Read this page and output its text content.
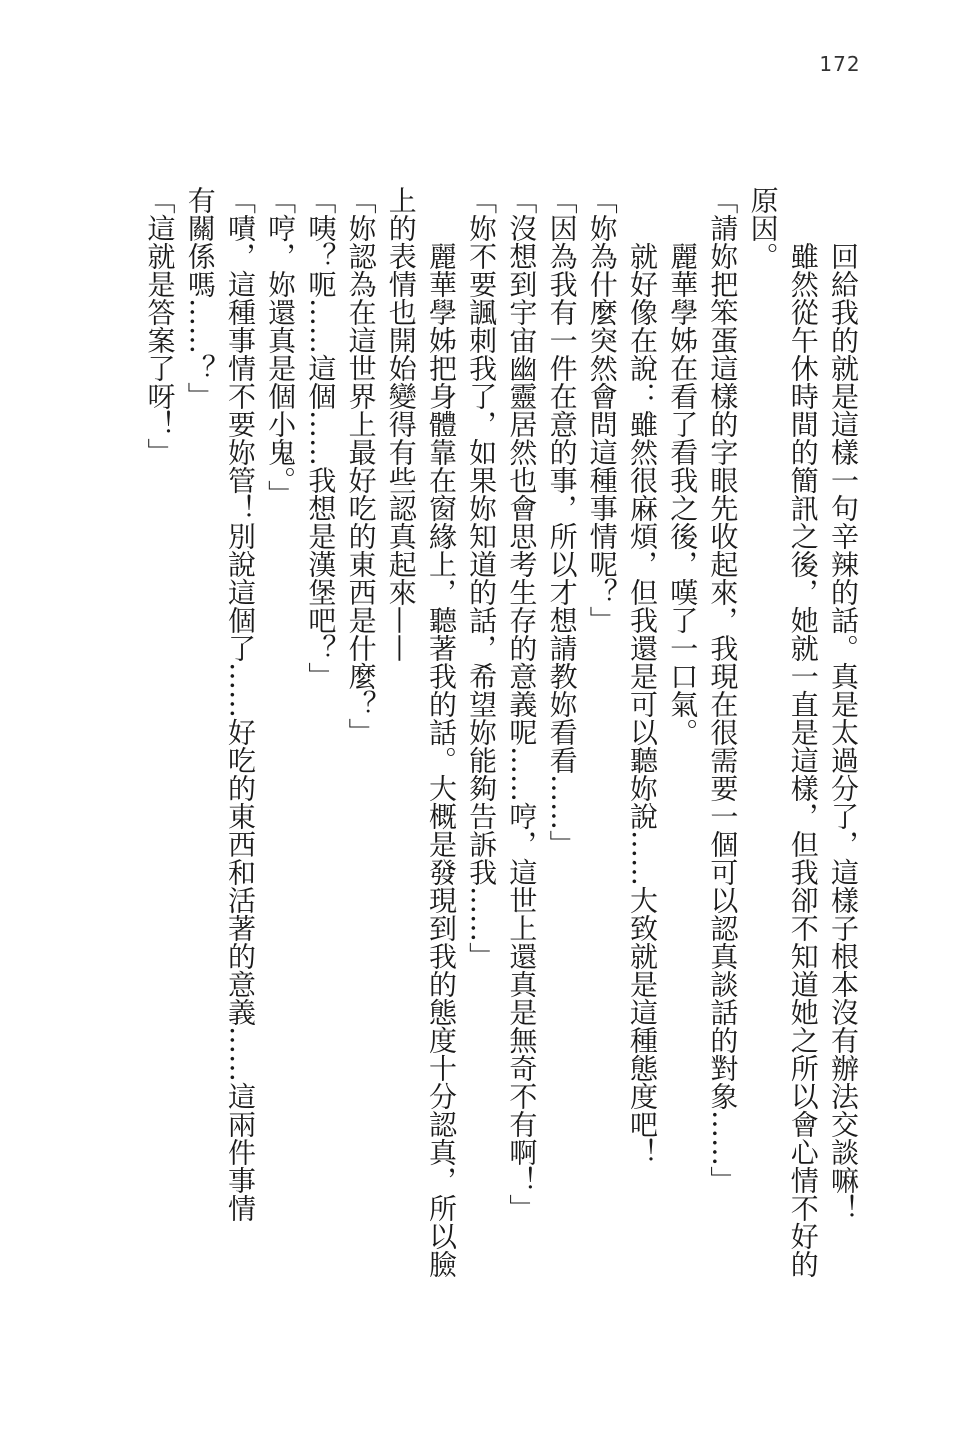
172
回給我的就是這樣一句辛辣的話。真是太過分了，這樣子根本沒有辦法交談嘛！
雖然從午休時間的簡訊之後，她就一直是這樣，但我卻不知道她之所以會心情不好的
原因。
「請妳把笨蛋這樣的字眼先收起來，我現在很需要一個可以認真談話的對象……」
麗華學姊在看了看我之後，嘆了一口氣。
就好像在說：雖然很麻煩，但我還是可以聽妳說……大致就是這種態度吧！
「妳為什麼突然會問這種事情呢？」
「因為我有一件在意的事，所以才想請教妳看看……」
「沒想到宇宙幽靈居然也會思考生存的意義呢……哼，這世上還真是無奇不有啊！」
「妳不要諷刺我了，如果妳知道的話，希望妳能夠告訴我……」
麗華學姊把身體靠在窗緣上，聽著我的話。大概是發現到我的態度十分認真，所以臉
上的表情也開始變得有些認真起來——
「妳認為在這世界上最好吃的東西是什麼？」
「咦？呃……這個……我想是漢堡吧？」
「哼，妳還真是個小鬼。」
「嘖，這種事情不要妳管！別說這個了……好吃的東西和活著的意義……這兩件事情
有關係嗎……？」
「這就是答案了呀！」
